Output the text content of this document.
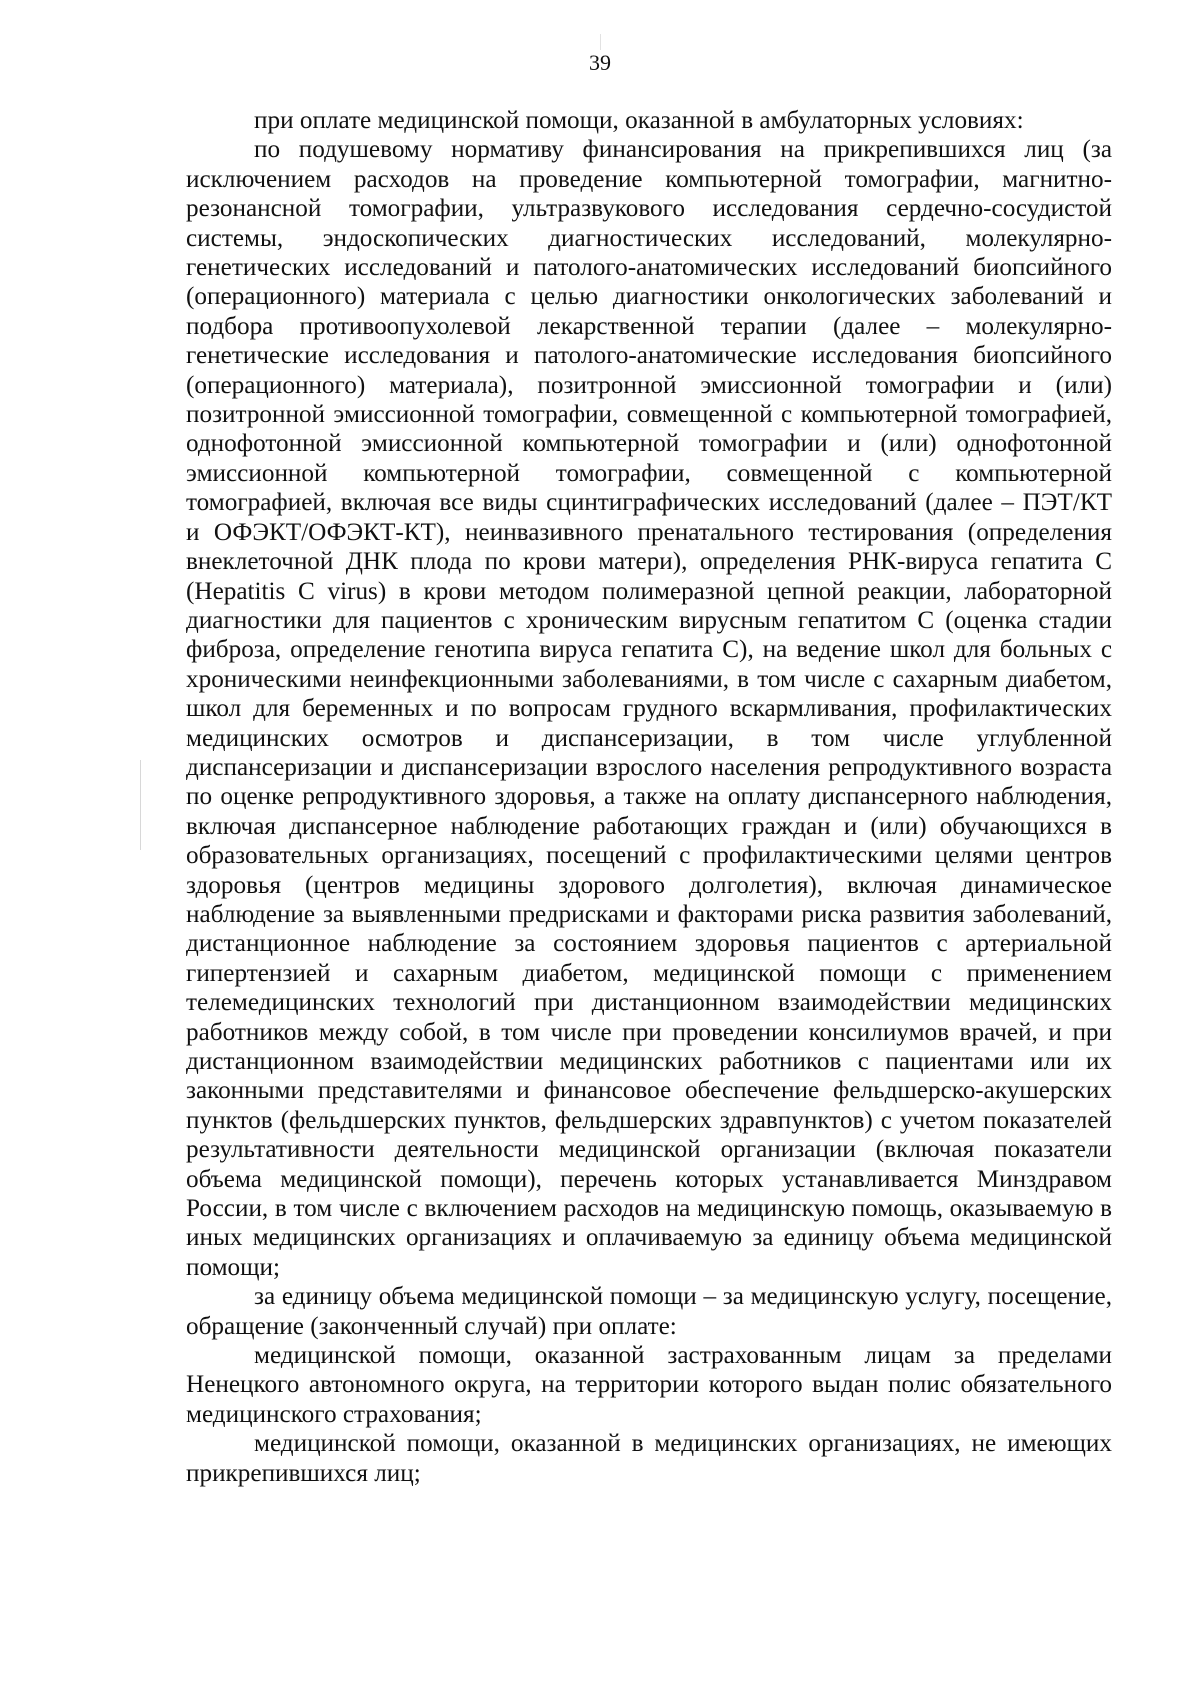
39

при оплате медицинской помощи, оказанной в амбулаторных условиях:

по подушевому нормативу финансирования на прикрепившихся лиц (за исключением расходов на проведение компьютерной томографии, магнитно-резонансной томографии, ультразвукового исследования сердечно-сосудистой системы, эндоскопических диагностических исследований, молекулярно-генетических исследований и патолого-анатомических исследований биопсийного (операционного) материала с целью диагностики онкологических заболеваний и подбора противоопухолевой лекарственной терапии (далее – молекулярно-генетические исследования и патолого-анатомические исследования биопсийного (операционного) материала), позитронной эмиссионной томографии и (или) позитронной эмиссионной томографии, совмещенной с компьютерной томографией, однофотонной эмиссионной компьютерной томографии и (или) однофотонной эмиссионной компьютерной томографии, совмещенной с компьютерной томографией, включая все виды сцинтиграфических исследований (далее – ПЭТ/КТ и ОФЭКТ/ОФЭКТ-КТ), неинвазивного пренатального тестирования (определения внеклеточной ДНК плода по крови матери), определения РНК-вируса гепатита С (Hepatitis C virus) в крови методом полимеразной цепной реакции, лабораторной диагностики для пациентов с хроническим вирусным гепатитом С (оценка стадии фиброза, определение генотипа вируса гепатита С), на ведение школ для больных с хроническими неинфекционными заболеваниями, в том числе с сахарным диабетом, школ для беременных и по вопросам грудного вскармливания, профилактических медицинских осмотров и диспансеризации, в том числе углубленной диспансеризации и диспансеризации взрослого населения репродуктивного возраста по оценке репродуктивного здоровья, а также на оплату диспансерного наблюдения, включая диспансерное наблюдение работающих граждан и (или) обучающихся в образовательных организациях, посещений с профилактическими целями центров здоровья (центров медицины здорового долголетия), включая динамическое наблюдение за выявленными предрисками и факторами риска развития заболеваний, дистанционное наблюдение за состоянием здоровья пациентов с артериальной гипертензией и сахарным диабетом, медицинской помощи с применением телемедицинских технологий при дистанционном взаимодействии медицинских работников между собой, в том числе при проведении консилиумов врачей, и при дистанционном взаимодействии медицинских работников с пациентами или их законными представителями и финансовое обеспечение фельдшерско-акушерских пунктов (фельдшерских пунктов, фельдшерских здравпунктов) с учетом показателей результативности деятельности медицинской организации (включая показатели объема медицинской помощи), перечень которых устанавливается Минздравом России, в том числе с включением расходов на медицинскую помощь, оказываемую в иных медицинских организациях и оплачиваемую за единицу объема медицинской помощи;

за единицу объема медицинской помощи – за медицинскую услугу, посещение, обращение (законченный случай) при оплате:

медицинской помощи, оказанной застрахованным лицам за пределами Ненецкого автономного округа, на территории которого выдан полис обязательного медицинского страхования;

медицинской помощи, оказанной в медицинских организациях, не имеющих прикрепившихся лиц;
